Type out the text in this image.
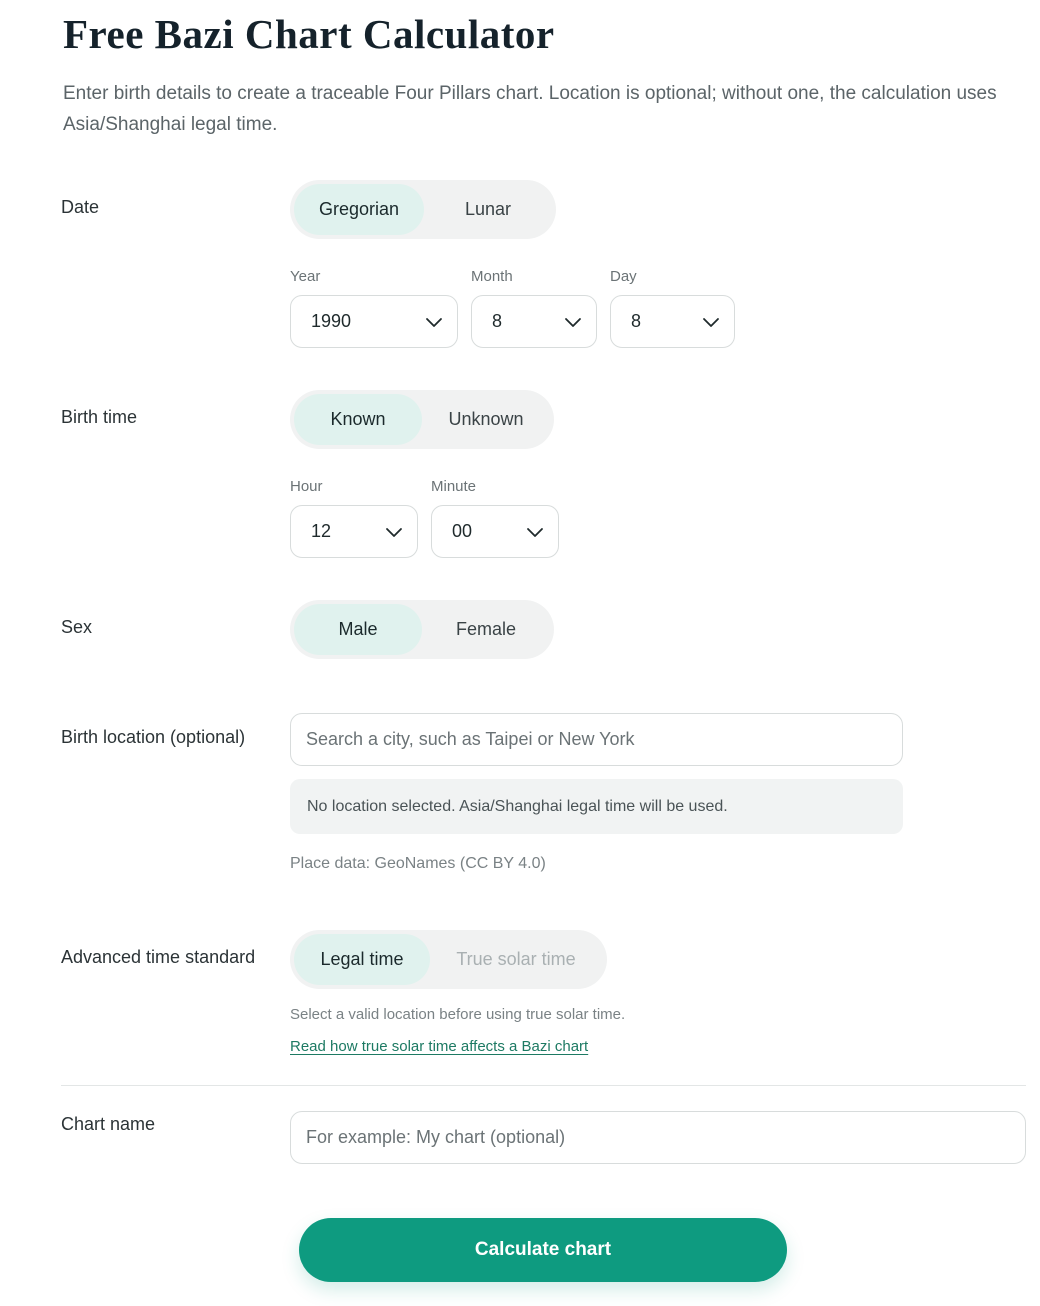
Free Bazi Chart Calculator

Enter birth details to create a traceable Four Pillars chart. Location is optional; without one, the calculation uses Asia/Shanghai legal time.

Date	Gregorian	Lunar
Year	Month	Day
1990	8	8
Birth time	Known	Unknown
Hour	Minute
12	00
Sex	Male	Female
Birth location (optional)
Search a city, such as Taipei or New York
No location selected. Asia/Shanghai legal time will be used.
Place data: GeoNames (CC BY 4.0)
Advanced time standard	Legal time	True solar time
Select a valid location before using true solar time.
Read how true solar time affects a Bazi chart
Chart name
For example: My chart (optional)
Calculate chart
